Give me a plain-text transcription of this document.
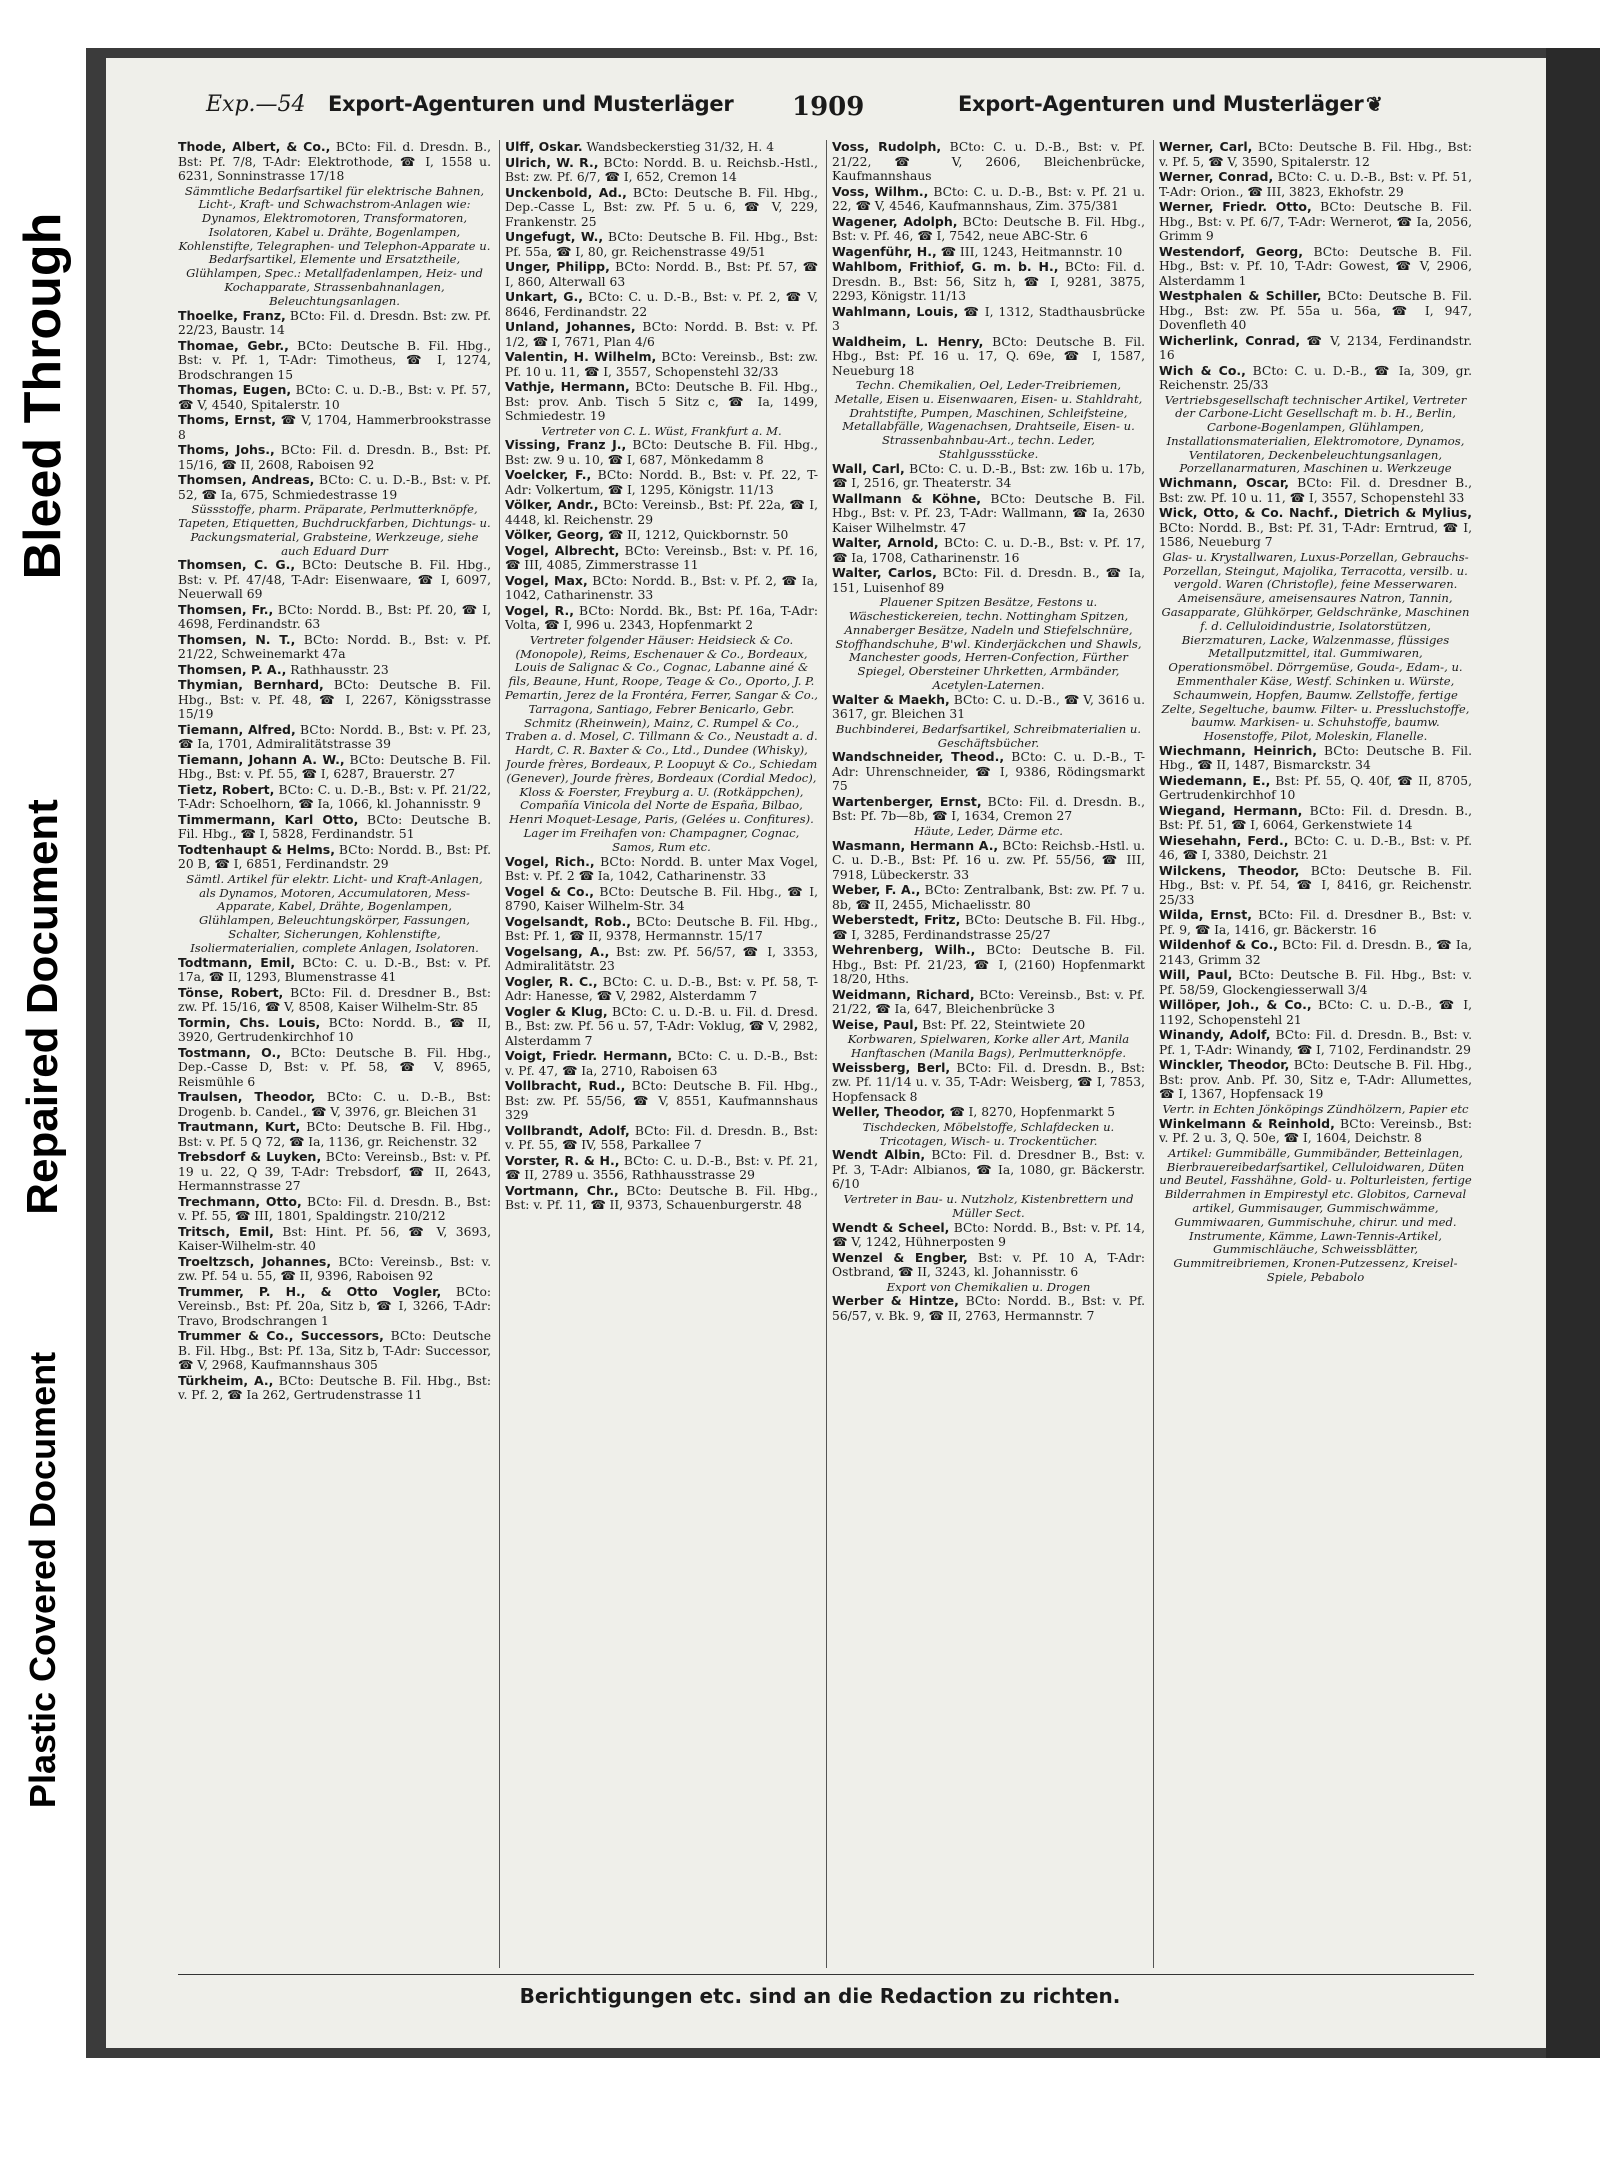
Bleed Through
Repaired Document
Plastic Covered Document
Exp.—54 Export-Agenturen und Musterläger 1909	Export-Agenturen und Musterläger ❦

Thode, Albert, & Co., BCto: Fil. d. Dresdn. B., Bst: Pf. 7/8, T-Adr: Elektrothode, ☎ I, 1558 u. 6231, Sonninstrasse 17/18

Sämmtliche Bedarfsartikel für elektrische Bahnen, Licht-, Kraft- und Schwachstrom-Anlagen wie: Dynamos, Elektromotoren, Transformatoren, Isolatoren, Kabel u. Drähte, Bogenlampen, Kohlenstifte, Telegraphen- und Telephon-Apparate u. Bedarfsartikel, Elemente und Ersatztheile, Glühlampen, Spec.: Metallfadenlampen, Heiz- und Kochapparate, Strassenbahnanlagen, Beleuchtungsanlagen.

Thoelke, Franz, BCto: Fil. d. Dresdn. Bst: zw. Pf. 22/23, Baustr. 14

Thomae, Gebr., BCto: Deutsche B. Fil. Hbg., Bst: v. Pf. 1, T-Adr: Timotheus, ☎ I, 1274, Brodschrangen 15

Thomas, Eugen, BCto: C. u. D.-B., Bst: v. Pf. 57, ☎ V, 4540, Spitalerstr. 10

Thoms, Ernst, ☎ V, 1704, Hammerbrookstrasse 8

Thoms, Johs., BCto: Fil. d. Dresdn. B., Bst: Pf. 15/16, ☎ II, 2608, Raboisen 92

Thomsen, Andreas, BCto: C. u. D.-B., Bst: v. Pf. 52, ☎ Ia, 675, Schmiedestrasse 19

Süssstoffe, pharm. Präparate, Perlmutterknöpfe, Tapeten, Etiquetten, Buchdruckfarben, Dichtungs- u. Packungsmaterial, Grabsteine, Werkzeuge, siehe auch Eduard Durr

Thomsen, C. G., BCto: Deutsche B. Fil. Hbg., Bst: v. Pf. 47/48, T-Adr: Eisenwaare, ☎ I, 6097, Neuerwall 69

Thomsen, Fr., BCto: Nordd. B., Bst: Pf. 20, ☎ I, 4698, Ferdinandstr. 63

Thomsen, N. T., BCto: Nordd. B., Bst: v. Pf. 21/22, Schweinemarkt 47a

Thomsen, P. A., Rathhausstr. 23

Thymian, Bernhard, BCto: Deutsche B. Fil. Hbg., Bst: v. Pf. 48, ☎ I, 2267, Königsstrasse 15/19

Tiemann, Alfred, BCto: Nordd. B., Bst: v. Pf. 23, ☎ Ia, 1701, Admiralitätstrasse 39

Tiemann, Johann A. W., BCto: Deutsche B. Fil. Hbg., Bst: v. Pf. 55, ☎ I, 6287, Brauerstr. 27

Tietz, Robert, BCto: C. u. D.-B., Bst: v. Pf. 21/22, T-Adr: Schoelhorn, ☎ Ia, 1066, kl. Johannisstr. 9

Timmermann, Karl Otto, BCto: Deutsche B. Fil. Hbg., ☎ I, 5828, Ferdinandstr. 51

Todtenhaupt & Helms, BCto: Nordd. B., Bst: Pf. 20 B, ☎ I, 6851, Ferdinandstr. 29

Sämtl. Artikel für elektr. Licht- und Kraft-Anlagen, als Dynamos, Motoren, Accumulatoren, Mess-Apparate, Kabel, Drähte, Bogenlampen, Glühlampen, Beleuchtungskörper, Fassungen, Schalter, Sicherungen, Kohlenstifte, Isoliermaterialien, complete Anlagen, Isolatoren.

Todtmann, Emil, BCto: C. u. D.-B., Bst: v. Pf. 17a, ☎ II, 1293, Blumenstrasse 41

Tönse, Robert, BCto: Fil. d. Dresdner B., Bst: zw. Pf. 15/16, ☎ V, 8508, Kaiser Wilhelm-Str. 85

Tormin, Chs. Louis, BCto: Nordd. B., ☎ II, 3920, Gertrudenkirchhof 10

Tostmann, O., BCto: Deutsche B. Fil. Hbg., Dep.-Casse D, Bst: v. Pf. 58, ☎ V, 8965, Reismühle 6

Traulsen, Theodor, BCto: C. u. D.-B., Bst: Drogenb. b. Candel., ☎ V, 3976, gr. Bleichen 31

Trautmann, Kurt, BCto: Deutsche B. Fil. Hbg., Bst: v. Pf. 5 Q 72, ☎ Ia, 1136, gr. Reichenstr. 32

Trebsdorf & Luyken, BCto: Vereinsb., Bst: v. Pf. 19 u. 22, Q 39, T-Adr: Trebsdorf, ☎ II, 2643, Hermannstrasse 27

Trechmann, Otto, BCto: Fil. d. Dresdn. B., Bst: v. Pf. 55, ☎ III, 1801, Spaldingstr. 210/212

Tritsch, Emil, Bst: Hint. Pf. 56, ☎ V, 3693, Kaiser-Wilhelm-str. 40

Troeltzsch, Johannes, BCto: Vereinsb., Bst: v. zw. Pf. 54 u. 55, ☎ II, 9396, Raboisen 92

Trummer, P. H., & Otto Vogler, BCto: Vereinsb., Bst: Pf. 20a, Sitz b, ☎ I, 3266, T-Adr: Travo, Brodschrangen 1

Trummer & Co., Successors, BCto: Deutsche B. Fil. Hbg., Bst: Pf. 13a, Sitz b, T-Adr: Successor, ☎ V, 2968, Kaufmannshaus 305

Türkheim, A., BCto: Deutsche B. Fil. Hbg., Bst: v. Pf. 2, ☎ Ia 262, Gertrudenstrasse 11

Ulff, Oskar. Wandsbeckerstieg 31/32, H. 4

Ulrich, W. R., BCto: Nordd. B. u. Reichsb.-Hstl., Bst: zw. Pf. 6/7, ☎ I, 652, Cremon 14

Unckenbold, Ad., BCto: Deutsche B. Fil. Hbg., Dep.-Casse L, Bst: zw. Pf. 5 u. 6, ☎ V, 229, Frankenstr. 25

Ungefugt, W., BCto: Deutsche B. Fil. Hbg., Bst: Pf. 55a, ☎ I, 80, gr. Reichenstrasse 49/51

Unger, Philipp, BCto: Nordd. B., Bst: Pf. 57, ☎ I, 860, Alterwall 63

Unkart, G., BCto: C. u. D.-B., Bst: v. Pf. 2, ☎ V, 8646, Ferdinandstr. 22

Unland, Johannes, BCto: Nordd. B. Bst: v. Pf. 1/2, ☎ I, 7671, Plan 4/6

Valentin, H. Wilhelm, BCto: Vereinsb., Bst: zw. Pf. 10 u. 11, ☎ I, 3557, Schopenstehl 32/33

Vathje, Hermann, BCto: Deutsche B. Fil. Hbg., Bst: prov. Anb. Tisch 5 Sitz c, ☎ Ia, 1499, Schmiedestr. 19

Vertreter von C. L. Wüst, Frankfurt a. M.

Vissing, Franz J., BCto: Deutsche B. Fil. Hbg., Bst: zw. 9 u. 10, ☎ I, 687, Mönkedamm 8

Voelcker, F., BCto: Nordd. B., Bst: v. Pf. 22, T-Adr: Volkertum, ☎ I, 1295, Königstr. 11/13

Völker, Andr., BCto: Vereinsb., Bst: Pf. 22a, ☎ I, 4448, kl. Reichenstr. 29

Völker, Georg, ☎ II, 1212, Quickbornstr. 50

Vogel, Albrecht, BCto: Vereinsb., Bst: v. Pf. 16, ☎ III, 4085, Zimmerstrasse 11

Vogel, Max, BCto: Nordd. B., Bst: v. Pf. 2, ☎ Ia, 1042, Catharinenstr. 33

Vogel, R., BCto: Nordd. Bk., Bst: Pf. 16a, T-Adr: Volta, ☎ I, 996 u. 2343, Hopfenmarkt 2

Vertreter folgender Häuser: Heidsieck & Co. (Monopole), Reims, Eschenauer & Co., Bordeaux, Louis de Salignac & Co., Cognac, Labanne ainé & fils, Beaune, Hunt, Roope, Teage & Co., Oporto, J. P. Pemartin, Jerez de la Frontéra, Ferrer, Sangar & Co., Tarragona, Santiago, Febrer Benicarlo, Gebr. Schmitz (Rheinwein), Mainz, C. Rumpel & Co., Traben a. d. Mosel, C. Tillmann & Co., Neustadt a. d. Hardt, C. R. Baxter & Co., Ltd., Dundee (Whisky), Jourde frères, Bordeaux, P. Loopuyt & Co., Schiedam (Genever), Jourde frères, Bordeaux (Cordial Medoc), Kloss & Foerster, Freyburg a. U. (Rotkäppchen), Compañía Vinicola del Norte de España, Bilbao, Henri Moquet-Lesage, Paris, (Gelées u. Confitures). Lager im Freihafen von: Champagner, Cognac, Samos, Rum etc.

Vogel, Rich., BCto: Nordd. B. unter Max Vogel, Bst: v. Pf. 2 ☎ Ia, 1042, Catharinenstr. 33

Vogel & Co., BCto: Deutsche B. Fil. Hbg., ☎ I, 8790, Kaiser Wilhelm-Str. 34

Vogelsandt, Rob., BCto: Deutsche B. Fil. Hbg., Bst: Pf. 1, ☎ II, 9378, Hermannstr. 15/17

Vogelsang, A., Bst: zw. Pf. 56/57, ☎ I, 3353, Admiralitätstr. 23

Vogler, R. C., BCto: C. u. D.-B., Bst: v. Pf. 58, T-Adr: Hanesse, ☎ V, 2982, Alsterdamm 7

Vogler & Klug, BCto: C. u. D.-B. u. Fil. d. Dresd. B., Bst: zw. Pf. 56 u. 57, T-Adr: Voklug, ☎ V, 2982, Alsterdamm 7

Voigt, Friedr. Hermann, BCto: C. u. D.-B., Bst: v. Pf. 47, ☎ Ia, 2710, Raboisen 63

Vollbracht, Rud., BCto: Deutsche B. Fil. Hbg., Bst: zw. Pf. 55/56, ☎ V, 8551, Kaufmannshaus 329

Vollbrandt, Adolf, BCto: Fil. d. Dresdn. B., Bst: v. Pf. 55, ☎ IV, 558, Parkallee 7

Vorster, R. & H., BCto: C. u. D.-B., Bst: v. Pf. 21, ☎ II, 2789 u. 3556, Rathhausstrasse 29

Vortmann, Chr., BCto: Deutsche B. Fil. Hbg., Bst: v. Pf. 11, ☎ II, 9373, Schauenburgerstr. 48

Voss, Rudolph, BCto: C. u. D.-B., Bst: v. Pf. 21/22, ☎ V, 2606, Bleichenbrücke, Kaufmannshaus

Voss, Wilhm., BCto: C. u. D.-B., Bst: v. Pf. 21 u. 22, ☎ V, 4546, Kaufmannshaus, Zim. 375/381

Wagener, Adolph, BCto: Deutsche B. Fil. Hbg., Bst: v. Pf. 46, ☎ I, 7542, neue ABC-Str. 6

Wagenführ, H., ☎ III, 1243, Heitmannstr. 10

Wahlbom, Frithiof, G. m. b. H., BCto: Fil. d. Dresdn. B., Bst: 56, Sitz h, ☎ I, 9281, 3875, 2293, Königstr. 11/13

Wahlmann, Louis, ☎ I, 1312, Stadthausbrücke 3

Waldheim, L. Henry, BCto: Deutsche B. Fil. Hbg., Bst: Pf. 16 u. 17, Q. 69e, ☎ I, 1587, Neueburg 18

Techn. Chemikalien, Oel, Leder-Treibriemen, Metalle, Eisen u. Eisenwaaren, Eisen- u. Stahldraht, Drahtstifte, Pumpen, Maschinen, Schleifsteine, Metallabfälle, Wagenachsen, Drahtseile, Eisen- u. Strassenbahnbau-Art., techn. Leder, Stahlgussstücke.

Wall, Carl, BCto: C. u. D.-B., Bst: zw. 16b u. 17b, ☎ I, 2516, gr. Theaterstr. 34

Wallmann & Köhne, BCto: Deutsche B. Fil. Hbg., Bst: v. Pf. 23, T-Adr: Wallmann, ☎ Ia, 2630 Kaiser Wilhelmstr. 47

Walter, Arnold, BCto: C. u. D.-B., Bst: v. Pf. 17, ☎ Ia, 1708, Catharinenstr. 16

Walter, Carlos, BCto: Fil. d. Dresdn. B., ☎ Ia, 151, Luisenhof 89

Plauener Spitzen Besätze, Festons u. Wäschestickereien, techn. Nottingham Spitzen, Annaberger Besätze, Nadeln und Stiefelschnüre, Stoffhandschuhe, B'wl. Kinderjäckchen und Shawls, Manchester goods, Herren-Confection, Fürther Spiegel, Obersteiner Uhrketten, Armbänder, Acetylen-Laternen.

Walter & Maekh, BCto: C. u. D.-B., ☎ V, 3616 u. 3617, gr. Bleichen 31

Buchbinderei, Bedarfsartikel, Schreibmaterialien u. Geschäftsbücher.

Wandschneider, Theod., BCto: C. u. D.-B., T-Adr: Uhrenschneider, ☎ I, 9386, Rödingsmarkt 75

Wartenberger, Ernst, BCto: Fil. d. Dresdn. B., Bst: Pf. 7b—8b, ☎ I, 1634, Cremon 27

Häute, Leder, Därme etc.

Wasmann, Hermann A., BCto: Reichsb.-Hstl. u. C. u. D.-B., Bst: Pf. 16 u. zw. Pf. 55/56, ☎ III, 7918, Lübeckerstr. 33

Weber, F. A., BCto: Zentralbank, Bst: zw. Pf. 7 u. 8b, ☎ II, 2455, Michaelisstr. 80

Weberstedt, Fritz, BCto: Deutsche B. Fil. Hbg., ☎ I, 3285, Ferdinandstrasse 25/27

Wehrenberg, Wilh., BCto: Deutsche B. Fil. Hbg., Bst: Pf. 21/23, ☎ I, (2160) Hopfenmarkt 18/20, Hths.

Weidmann, Richard, BCto: Vereinsb., Bst: v. Pf. 21/22, ☎ Ia, 647, Bleichenbrücke 3

Weise, Paul, Bst: Pf. 22, Steintwiete 20

Korbwaren, Spielwaren, Korke aller Art, Manila Hanftaschen (Manila Bags), Perlmutterknöpfe.

Weissberg, Berl, BCto: Fil. d. Dresdn. B., Bst: zw. Pf. 11/14 u. v. 35, T-Adr: Weisberg, ☎ I, 7853, Hopfensack 8

Weller, Theodor, ☎ I, 8270, Hopfenmarkt 5

Tischdecken, Möbelstoffe, Schlafdecken u. Tricotagen, Wisch- u. Trockentücher.

Wendt Albin, BCto: Fil. d. Dresdner B., Bst: v. Pf. 3, T-Adr: Albianos, ☎ Ia, 1080, gr. Bäckerstr. 6/10

Vertreter in Bau- u. Nutzholz, Kistenbrettern und Müller Sect.

Wendt & Scheel, BCto: Nordd. B., Bst: v. Pf. 14, ☎ V, 1242, Hühnerposten 9

Wenzel & Engber, Bst: v. Pf. 10 A, T-Adr: Ostbrand, ☎ II, 3243, kl. Johannisstr. 6

Export von Chemikalien u. Drogen

Werber & Hintze, BCto: Nordd. B., Bst: v. Pf. 56/57, v. Bk. 9, ☎ II, 2763, Hermannstr. 7

Werner, Carl, BCto: Deutsche B. Fil. Hbg., Bst: v. Pf. 5, ☎ V, 3590, Spitalerstr. 12

Werner, Conrad, BCto: C. u. D.-B., Bst: v. Pf. 51, T-Adr: Orion., ☎ III, 3823, Ekhofstr. 29

Werner, Friedr. Otto, BCto: Deutsche B. Fil. Hbg., Bst: v. Pf. 6/7, T-Adr: Wernerot, ☎ Ia, 2056, Grimm 9

Westendorf, Georg, BCto: Deutsche B. Fil. Hbg., Bst: v. Pf. 10, T-Adr: Gowest, ☎ V, 2906, Alsterdamm 1

Westphalen & Schiller, BCto: Deutsche B. Fil. Hbg., Bst: zw. Pf. 55a u. 56a, ☎ I, 947, Dovenfleth 40

Wicherlink, Conrad, ☎ V, 2134, Ferdinandstr. 16

Wich & Co., BCto: C. u. D.-B., ☎ Ia, 309, gr. Reichenstr. 25/33

Vertriebsgesellschaft technischer Artikel, Vertreter der Carbone-Licht Gesellschaft m. b. H., Berlin, Carbone-Bogenlampen, Glühlampen, Installationsmaterialien, Elektromotore, Dynamos, Ventilatoren, Deckenbeleuchtungsanlagen, Porzellanarmaturen, Maschinen u. Werkzeuge

Wichmann, Oscar, BCto: Fil. d. Dresdner B., Bst: zw. Pf. 10 u. 11, ☎ I, 3557, Schopenstehl 33

Wick, Otto, & Co. Nachf., Dietrich & Mylius, BCto: Nordd. B., Bst: Pf. 31, T-Adr: Erntrud, ☎ I, 1586, Neueburg 7

Glas- u. Krystallwaren, Luxus-Porzellan, Gebrauchs-Porzellan, Steingut, Majolika, Terracotta, versilb. u. vergold. Waren (Christofle), feine Messerwaren. Ameisensäure, ameisensaures Natron, Tannin, Gasapparate, Glühkörper, Geldschränke, Maschinen f. d. Celluloidindustrie, Isolatorstützen, Bierzmaturen, Lacke, Walzenmasse, flüssiges Metallputzmittel, ital. Gummiwaren, Operationsmöbel. Dörrgemüse, Gouda-, Edam-, u. Emmenthaler Käse, Westf. Schinken u. Würste, Schaumwein, Hopfen, Baumw. Zellstoffe, fertige Zelte, Segeltuche, baumw. Filter- u. Pressluchstoffe, baumw. Markisen- u. Schuhstoffe, baumw. Hosenstoffe, Pilot, Moleskin, Flanelle.

Wiechmann, Heinrich, BCto: Deutsche B. Fil. Hbg., ☎ II, 1487, Bismarckstr. 34

Wiedemann, E., Bst: Pf. 55, Q. 40f, ☎ II, 8705, Gertrudenkirchhof 10

Wiegand, Hermann, BCto: Fil. d. Dresdn. B., Bst: Pf. 51, ☎ I, 6064, Gerkenstwiete 14

Wiesehahn, Ferd., BCto: C. u. D.-B., Bst: v. Pf. 46, ☎ I, 3380, Deichstr. 21

Wilckens, Theodor, BCto: Deutsche B. Fil. Hbg., Bst: v. Pf. 54, ☎ I, 8416, gr. Reichenstr. 25/33

Wilda, Ernst, BCto: Fil. d. Dresdner B., Bst: v. Pf. 9, ☎ Ia, 1416, gr. Bäckerstr. 16

Wildenhof & Co., BCto: Fil. d. Dresdn. B., ☎ Ia, 2143, Grimm 32

Will, Paul, BCto: Deutsche B. Fil. Hbg., Bst: v. Pf. 58/59, Glockengiesserwall 3/4

Willöper, Joh., & Co., BCto: C. u. D.-B., ☎ I, 1192, Schopenstehl 21

Winandy, Adolf, BCto: Fil. d. Dresdn. B., Bst: v. Pf. 1, T-Adr: Winandy, ☎ I, 7102, Ferdinandstr. 29

Winckler, Theodor, BCto: Deutsche B. Fil. Hbg., Bst: prov. Anb. Pf. 30, Sitz e, T-Adr: Allumettes, ☎ I, 1367, Hopfensack 19

Vertr. in Echten Jönköpings Zündhölzern, Papier etc

Winkelmann & Reinhold, BCto: Vereinsb., Bst: v. Pf. 2 u. 3, Q. 50e, ☎ I, 1604, Deichstr. 8

Artikel: Gummibälle, Gummibänder, Betteinlagen, Bierbrauereibedarfsartikel, Celluloidwaren, Düten und Beutel, Fasshähne, Gold- u. Polturleisten, fertige Bilderrahmen in Empirestyl etc. Globitos, Carneval artikel, Gummisauger, Gummischwämme, Gummiwaaren, Gummischuhe, chirur. und med. Instrumente, Kämme, Lawn-Tennis-Artikel, Gummischläuche, Schweissblätter, Gummitreibriemen, Kronen-Putzessenz, Kreisel-Spiele, Pebabolo

Berichtigungen etc. sind an die Redaction zu richten.
